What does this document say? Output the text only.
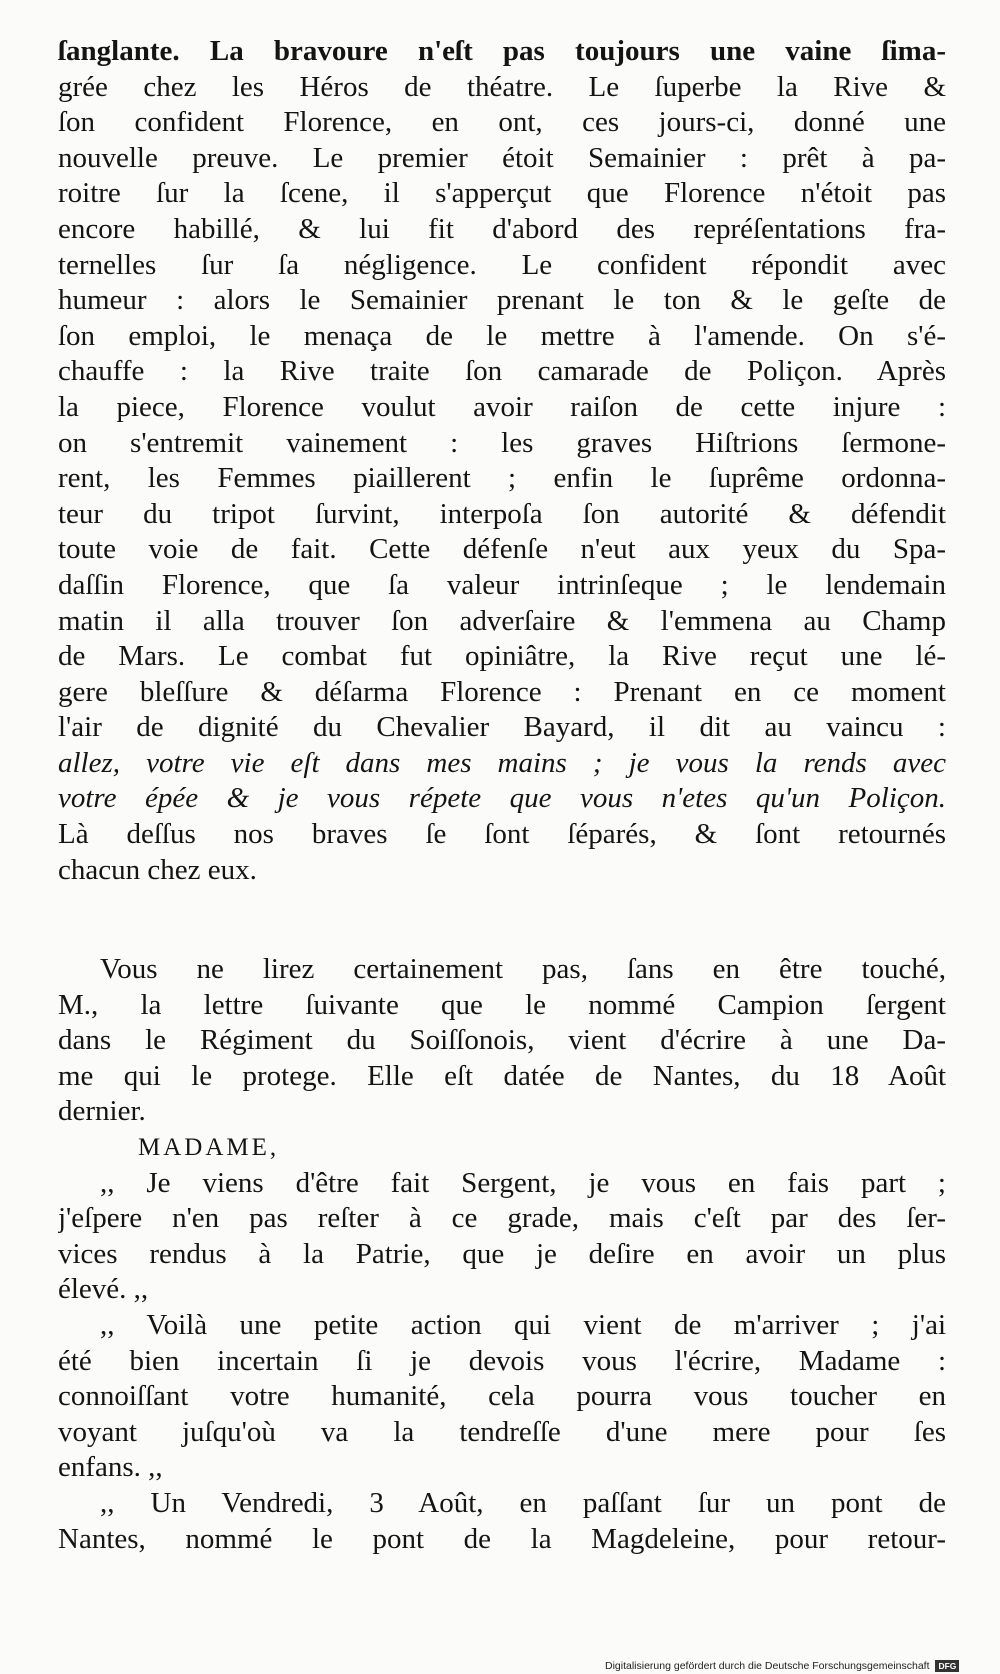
ſanglante. La bravoure n'eſt pas toujours une vaine ſima-
grée chez les Héros de théatre. Le ſuperbe la Rive &
ſon confident Florence, en ont, ces jours-ci, donné une
nouvelle preuve. Le premier étoit Semainier : prêt à pa-
roitre ſur la ſcene, il s'apperçut que Florence n'étoit pas
encore habillé, & lui fit d'abord des repréſentations fra-
ternelles ſur ſa négligence. Le confident répondit avec
humeur : alors le Semainier prenant le ton & le geſte de
ſon emploi, le menaça de le mettre à l'amende. On s'é-
chauffe : la Rive traite ſon camarade de Poliçon. Après
la piece, Florence voulut avoir raiſon de cette injure :
on s'entremit vainement : les graves Hiſtrions ſermone-
rent, les Femmes piaillerent ; enfin le ſuprême ordonna-
teur du tripot ſurvint, interpoſa ſon autorité & défendit
toute voie de fait. Cette défenſe n'eut aux yeux du Spa-
daſſin Florence, que ſa valeur intrinſeque ; le lendemain
matin il alla trouver ſon adverſaire & l'emmena au Champ
de Mars. Le combat fut opiniâtre, la Rive reçut une lé-
gere bleſſure & déſarma Florence : Prenant en ce moment
l'air de dignité du Chevalier Bayard, il dit au vaincu :
allez, votre vie eſt dans mes mains ; je vous la rends avec
votre épée & je vous répete que vous n'etes qu'un Poliçon.
Là deſſus nos braves ſe ſont ſéparés, & ſont retournés
chacun chez eux.
Vous ne lirez certainement pas, ſans en être touché,
M., la lettre ſuivante que le nommé Campion ſergent
dans le Régiment du Soiſſonois, vient d'écrire à une Da-
me qui le protege. Elle eſt datée de Nantes, du 18 Août
dernier.
MADAME,
,, Je viens d'être fait Sergent, je vous en fais part ;
j'eſpere n'en pas reſter à ce grade, mais c'eſt par des ſer-
vices rendus à la Patrie, que je deſire en avoir un plus
élevé. ,,
,, Voilà une petite action qui vient de m'arriver ; j'ai
été bien incertain ſi je devois vous l'écrire, Madame :
connoiſſant votre humanité, cela pourra vous toucher en
voyant juſqu'où va la tendreſſe d'une mere pour ſes
enfans. ,,
,, Un Vendredi, 3 Août, en paſſant ſur un pont de
Nantes, nommé le pont de la Magdeleine, pour retour-
Digitalisierung gefördert durch die Deutsche Forschungsgemeinschaft DFG
